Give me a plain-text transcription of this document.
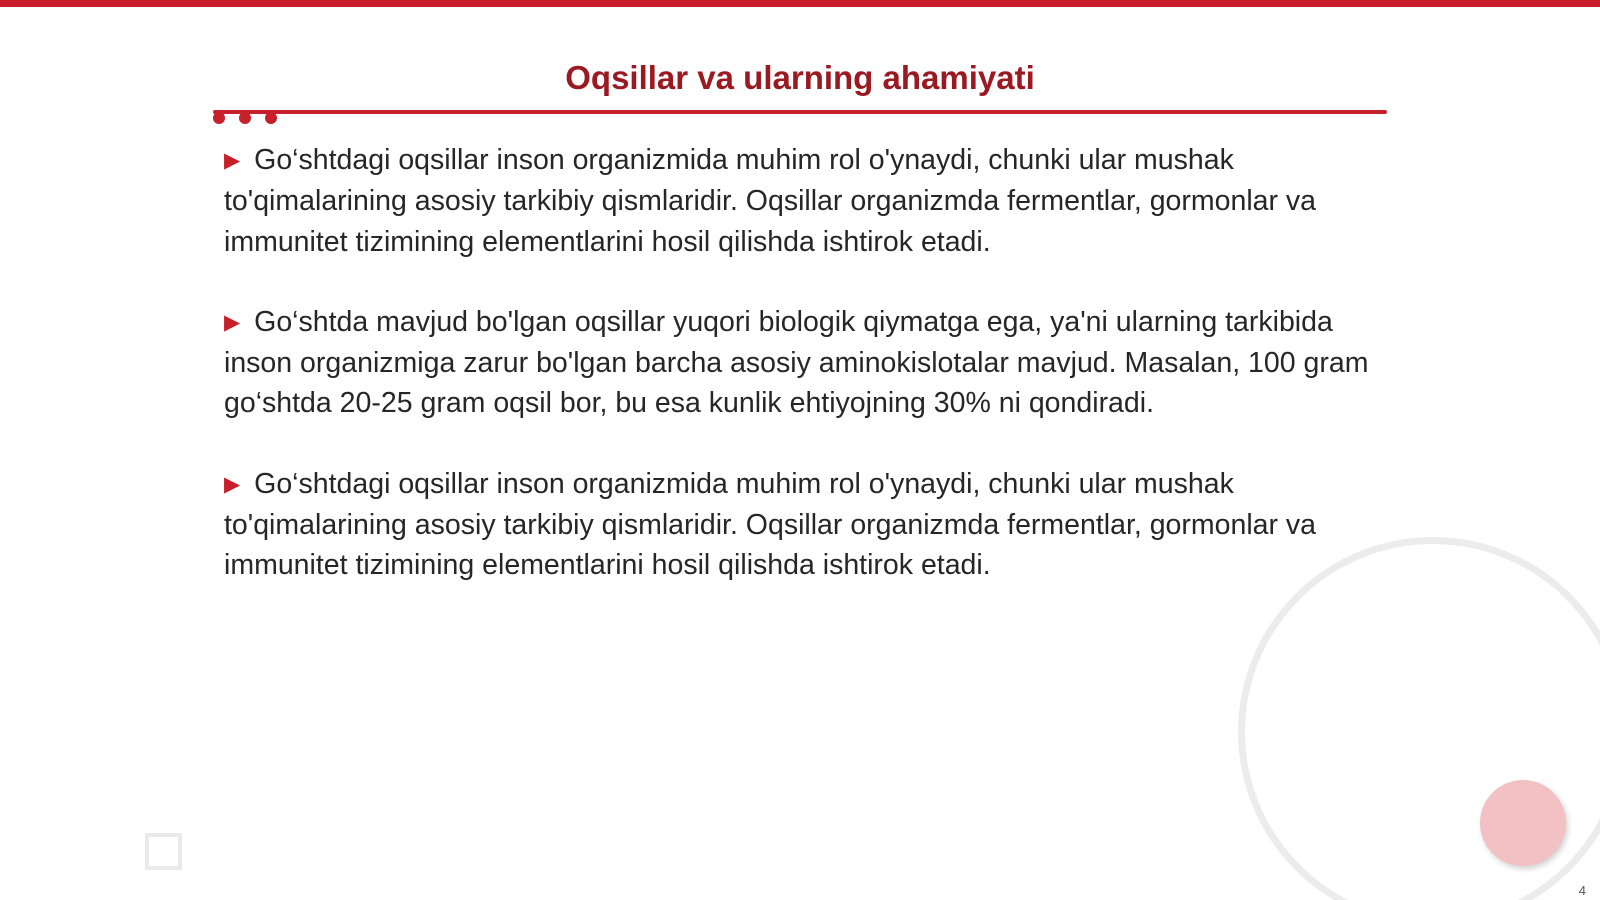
Oqsillar va ularning ahamiyati
▶ Go‘shtdagi oqsillar inson organizmida muhim rol o'ynaydi, chunki ular mushak to'qimalarining asosiy tarkibiy qismlaridir. Oqsillar organizmda fermentlar, gormonlar va immunitet tizimining elementlarini hosil qilishda ishtirok etadi.
▶ Go‘shtda mavjud bo'lgan oqsillar yuqori biologik qiymatga ega, ya'ni ularning tarkibida inson organizmiga zarur bo'lgan barcha asosiy aminokislotalar mavjud. Masalan, 100 gram go‘shtda 20-25 gram oqsil bor, bu esa kunlik ehtiyojning 30% ni qondiradi.
▶ Go‘shtdagi oqsillar inson organizmida muhim rol o'ynaydi, chunki ular mushak to'qimalarining asosiy tarkibiy qismlaridir. Oqsillar organizmda fermentlar, gormonlar va immunitet tizimining elementlarini hosil qilishda ishtirok etadi.
4
